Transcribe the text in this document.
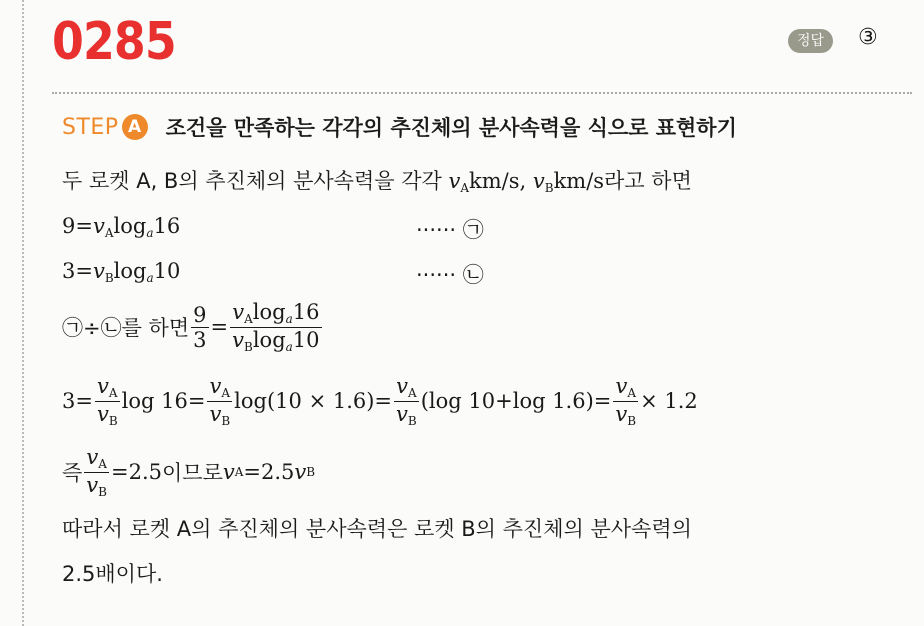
0285	정답	③
STEP A	조건을 만족하는 각각의 추진체의 분사속력을 식으로 표현하기
두 로켓 A, B의 추진체의 분사속력을 각각 $v_Akm/s$, $v_Bkm/s$라고 하면
$9=v_A\log a16$	······ ㉠
$3=v_B\log a10$	······ ㉡
㉠÷㉡를 하면 $\frac{9}{3} = \frac{v_A\log a16}{v_B\log a10}$
$3= \frac{v_A}{v_B}$ $\log 16= \frac{v_A}{v_B} \log(10 \times 1.6)= \frac{v_A}{v_B} (\log$ 10+log $1.6)= \frac{v_A}{v_B} \times 1.2$
즉 $\frac{v_A}{v_B} =2.5$ 이므로 v A =2.5 v B
따라서 로켓 A의 추진체의 분사속력은 로켓 B의 추진체의 분사속력의
2.5배이다.
